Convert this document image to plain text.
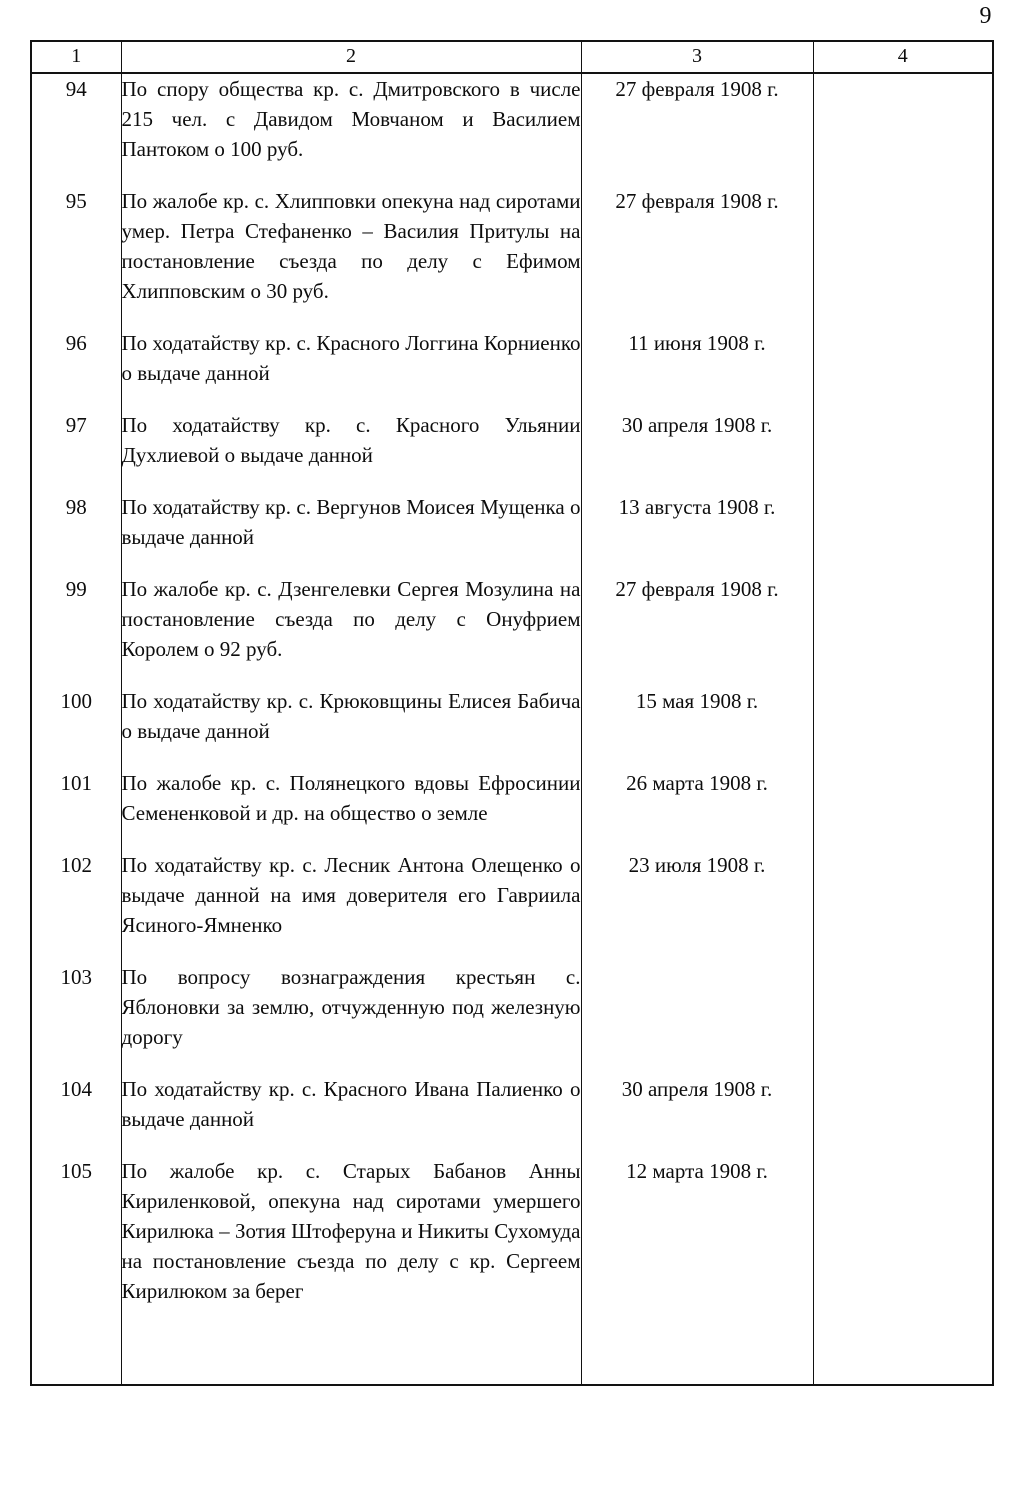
9
1	2	3	4
94	По спору общества кр. с. Дмитровского в числе 215 чел. с Давидом Мовчаном и Василием Пантоком о 100 руб.	27 февраля 1908 г.	

95	По жалобе кр. с. Хлипповки опекуна над сиротами умер. Петра Стефаненко – Василия Притулы на постановление съезда по делу с Ефимом Хлипповским о 30 руб.	27 февраля 1908 г.	

96	По ходатайству кр. с. Красного Логгина Корниенко о выдаче данной	11 июня 1908 г.	

97	По ходатайству кр. с. Красного Ульянии Духлиевой о выдаче данной	30 апреля 1908 г.	

98	По ходатайству кр. с. Вергунов Моисея Мущенка о выдаче данной	13 августа 1908 г.	

99	По жалобе кр. с. Дзенгелевки Сергея Мозулина на постановление съезда по делу с Онуфрием Королем о 92 руб.	27 февраля 1908 г.	

100	По ходатайству кр. с. Крюковщины Елисея Бабича о выдаче данной	15 мая 1908 г.	

101	По жалобе кр. с. Полянецкого вдовы Ефросинии Семененковой и др. на общество о земле	26 марта 1908 г.	

102	По ходатайству кр. с. Лесник Антона Олещенко о выдаче данной на имя доверителя его Гавриила Ясиного-Ямненко	23 июля 1908 г.	

103	По вопросу вознаграждения крестьян с. Яблоновки за землю, отчужденную под железную дорогу		

104	По ходатайству кр. с. Красного Ивана Палиенко о выдаче данной	30 апреля 1908 г.	

105	По жалобе кр. с. Старых Бабанов Анны Кириленковой, опекуна над сиротами умершего Кирилюка – Зотия Штоферуна и Никиты Сухомуда на постановление съезда по делу с кр. Сергеем Кирилюком за берег	12 марта 1908 г.	
